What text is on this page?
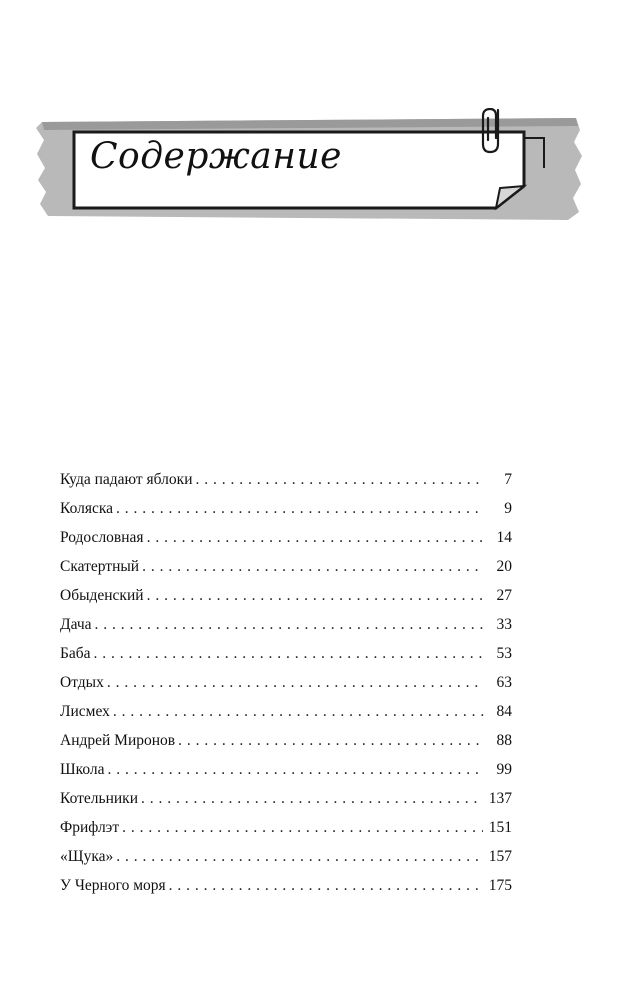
Содержание
Куда падают яблоки . . .	7
Коляска . . .	9
Родословная . . .	14
Скатертный . . .	20
Обыденский . . .	27
Дача . . .	33
Баба . . .	53
Отдых . . .	63
Лисмех . . .	84
Андрей Миронов . . .	88
Школа . . .	99
Котельники . . .	137
Фрифлэт . . .	151
«Щука» . . .	157
У Черного моря . . .	175
